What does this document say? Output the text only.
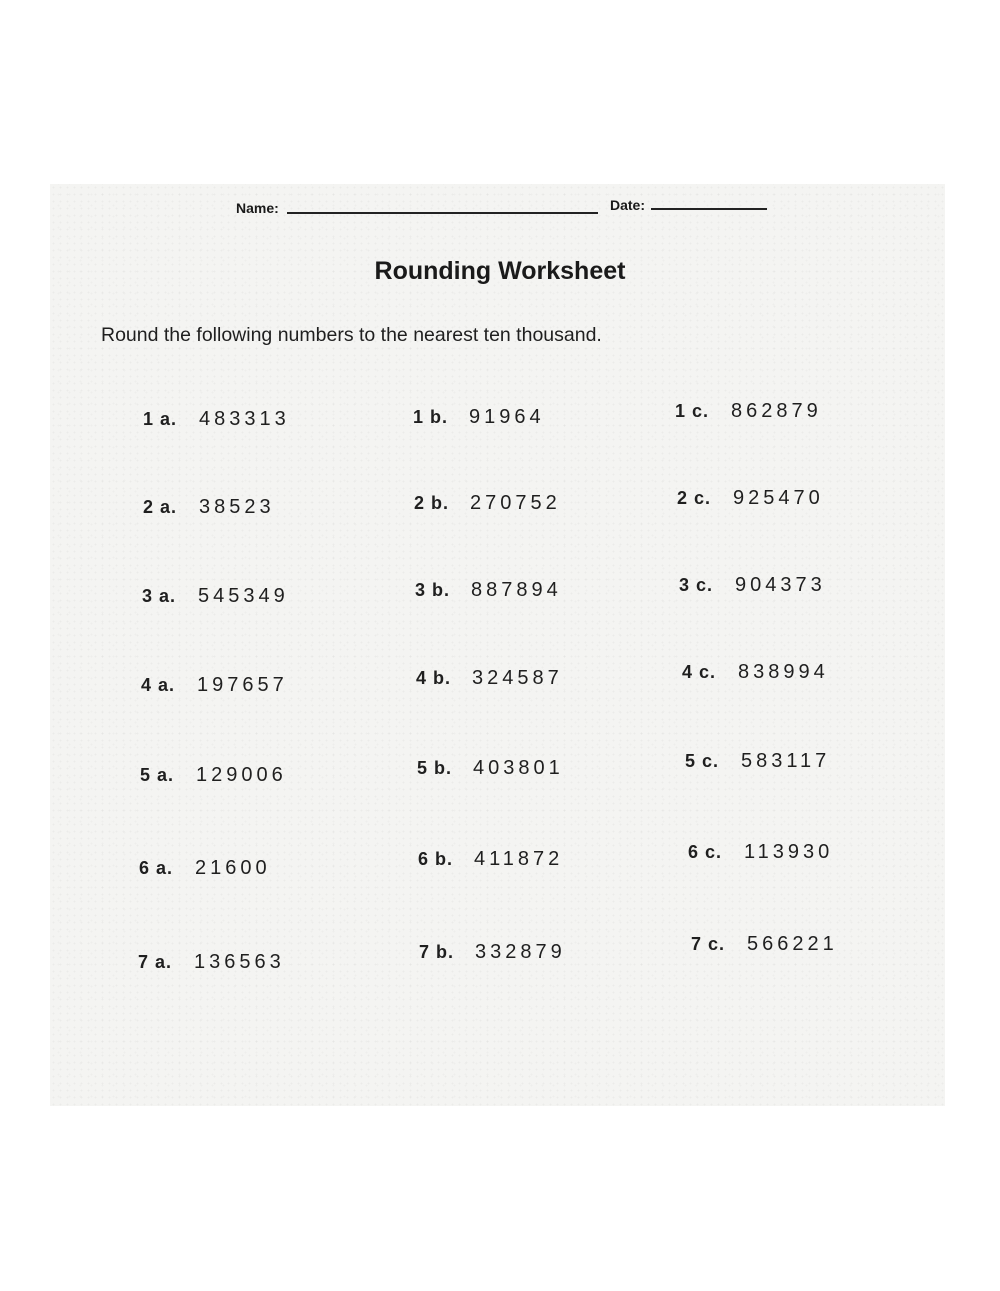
Name:	Date:
Rounding Worksheet
Round the following numbers to the nearest ten thousand.
1 a. 483313	1 b. 91964	1 c. 862879
2 a. 38523	2 b. 270752	2 c. 925470
3 a. 545349	3 b. 887894	3 c. 904373
4 a. 197657	4 b. 324587	4 c. 838994
5 a. 129006	5 b. 403801	5 c. 583117
6 a. 21600	6 b. 411872	6 c. 113930
7 a. 136563	7 b. 332879	7 c. 566221
